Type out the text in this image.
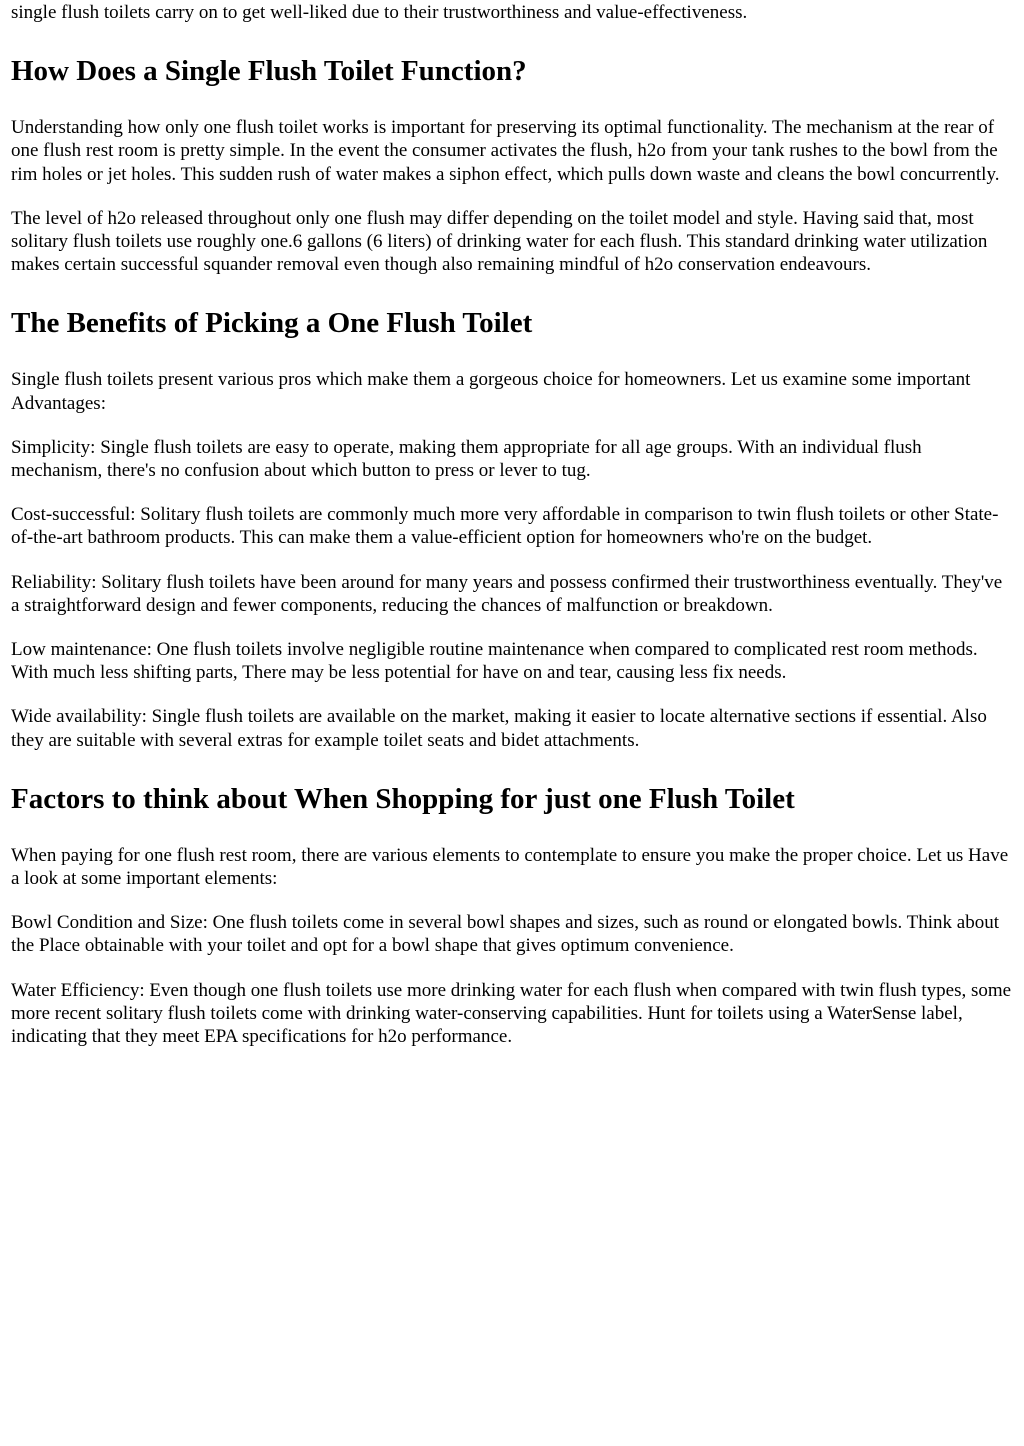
single flush toilets carry on to get well-liked due to their trustworthiness and value-effectiveness.

How Does a Single Flush Toilet Function?

Understanding how only one flush toilet works is important for preserving its optimal functionality. The mechanism at the rear of one flush rest room is pretty simple. In the event the consumer activates the flush, h2o from your tank rushes to the bowl from the rim holes or jet holes. This sudden rush of water makes a siphon effect, which pulls down waste and cleans the bowl concurrently.

The level of h2o released throughout only one flush may differ depending on the toilet model and style. Having said that, most solitary flush toilets use roughly one.6 gallons (6 liters) of drinking water for each flush. This standard drinking water utilization makes certain successful squander removal even though also remaining mindful of h2o conservation endeavours.

The Benefits of Picking a One Flush Toilet

Single flush toilets present various pros which make them a gorgeous choice for homeowners. Let us examine some important Advantages:

Simplicity: Single flush toilets are easy to operate, making them appropriate for all age groups. With an individual flush mechanism, there's no confusion about which button to press or lever to tug.

Cost-successful: Solitary flush toilets are commonly much more very affordable in comparison to twin flush toilets or other State-of-the-art bathroom products. This can make them a value-efficient option for homeowners who're on the budget.

Reliability: Solitary flush toilets have been around for many years and possess confirmed their trustworthiness eventually. They've a straightforward design and fewer components, reducing the chances of malfunction or breakdown.

Low maintenance: One flush toilets involve negligible routine maintenance when compared to complicated rest room methods. With much less shifting parts, There may be less potential for have on and tear, causing less fix needs.

Wide availability: Single flush toilets are available on the market, making it easier to locate alternative sections if essential. Also they are suitable with several extras for example toilet seats and bidet attachments.

Factors to think about When Shopping for just one Flush Toilet

When paying for one flush rest room, there are various elements to contemplate to ensure you make the proper choice. Let us Have a look at some important elements:

Bowl Condition and Size: One flush toilets come in several bowl shapes and sizes, such as round or elongated bowls. Think about the Place obtainable with your toilet and opt for a bowl shape that gives optimum convenience.

Water Efficiency: Even though one flush toilets use more drinking water for each flush when compared with twin flush types, some more recent solitary flush toilets come with drinking water-conserving capabilities. Hunt for toilets using a WaterSense label, indicating that they meet EPA specifications for h2o performance.
